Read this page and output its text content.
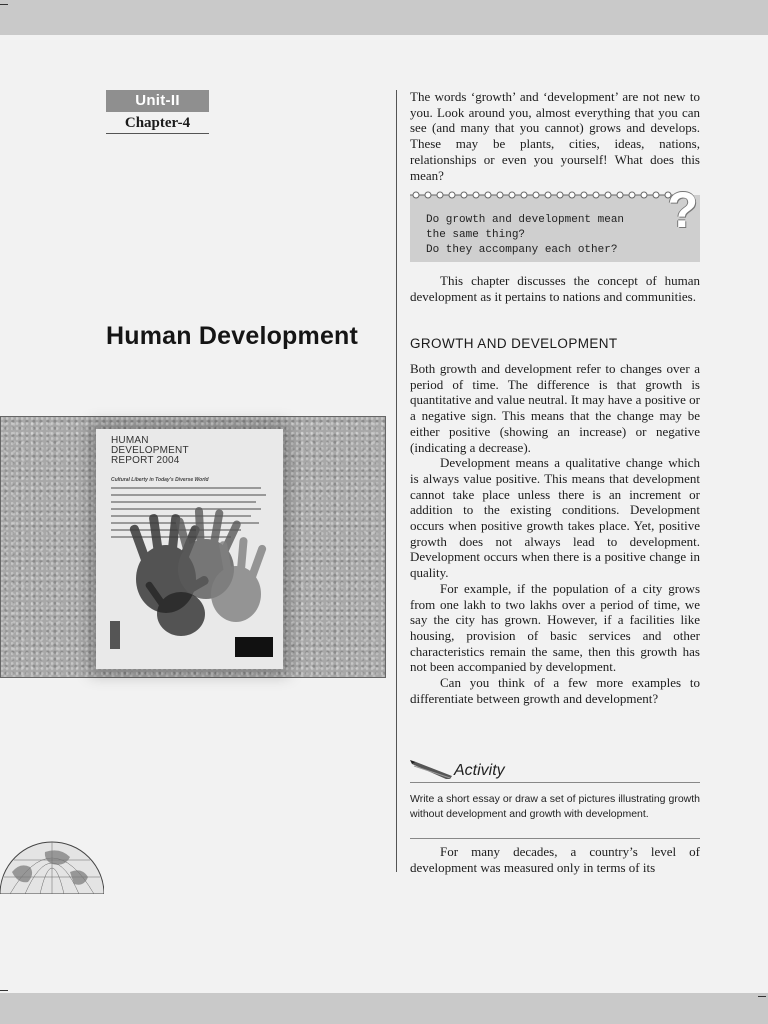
Unit-II
Chapter-4
Human Development
HUMAN
DEVELOPMENT
REPORT 2004
Cultural Liberty in Today's Diverse World

The words ‘growth’ and ‘development’ are not new to you. Look around you, almost everything that you can see (and many that you cannot) grows and develops. These may be plants, cities, ideas, nations, relationships or even you yourself! What does this mean?

?
Do growth and development mean
the same thing?
Do they accompany each other?

This chapter discusses the concept of human development as it pertains to nations and communities.

GROWTH AND DEVELOPMENT

Both growth and development refer to changes over a period of time. The difference is that growth is quantitative and value neutral. It may have a positive or a negative sign. This means that the change may be either positive (showing an increase) or negative (indicating a decrease).

Development means a qualitative change which is always value positive. This means that development cannot take place unless there is an increment or addition to the existing conditions. Development occurs when positive growth takes place. Yet, positive growth does not always lead to development. Development occurs when there is a positive change in quality.

For example, if the population of a city grows from one lakh to two lakhs over a period of time, we say the city has grown. However, if a facilities like housing, provision of basic services and other characteristics remain the same, then this growth has not been accompanied by development.

Can you think of a few more examples to differentiate between growth and development?

Activity
Write a short essay or draw a set of pictures illustrating growth without development and growth with development.

For many decades, a country’s level of development was measured only in terms of its
